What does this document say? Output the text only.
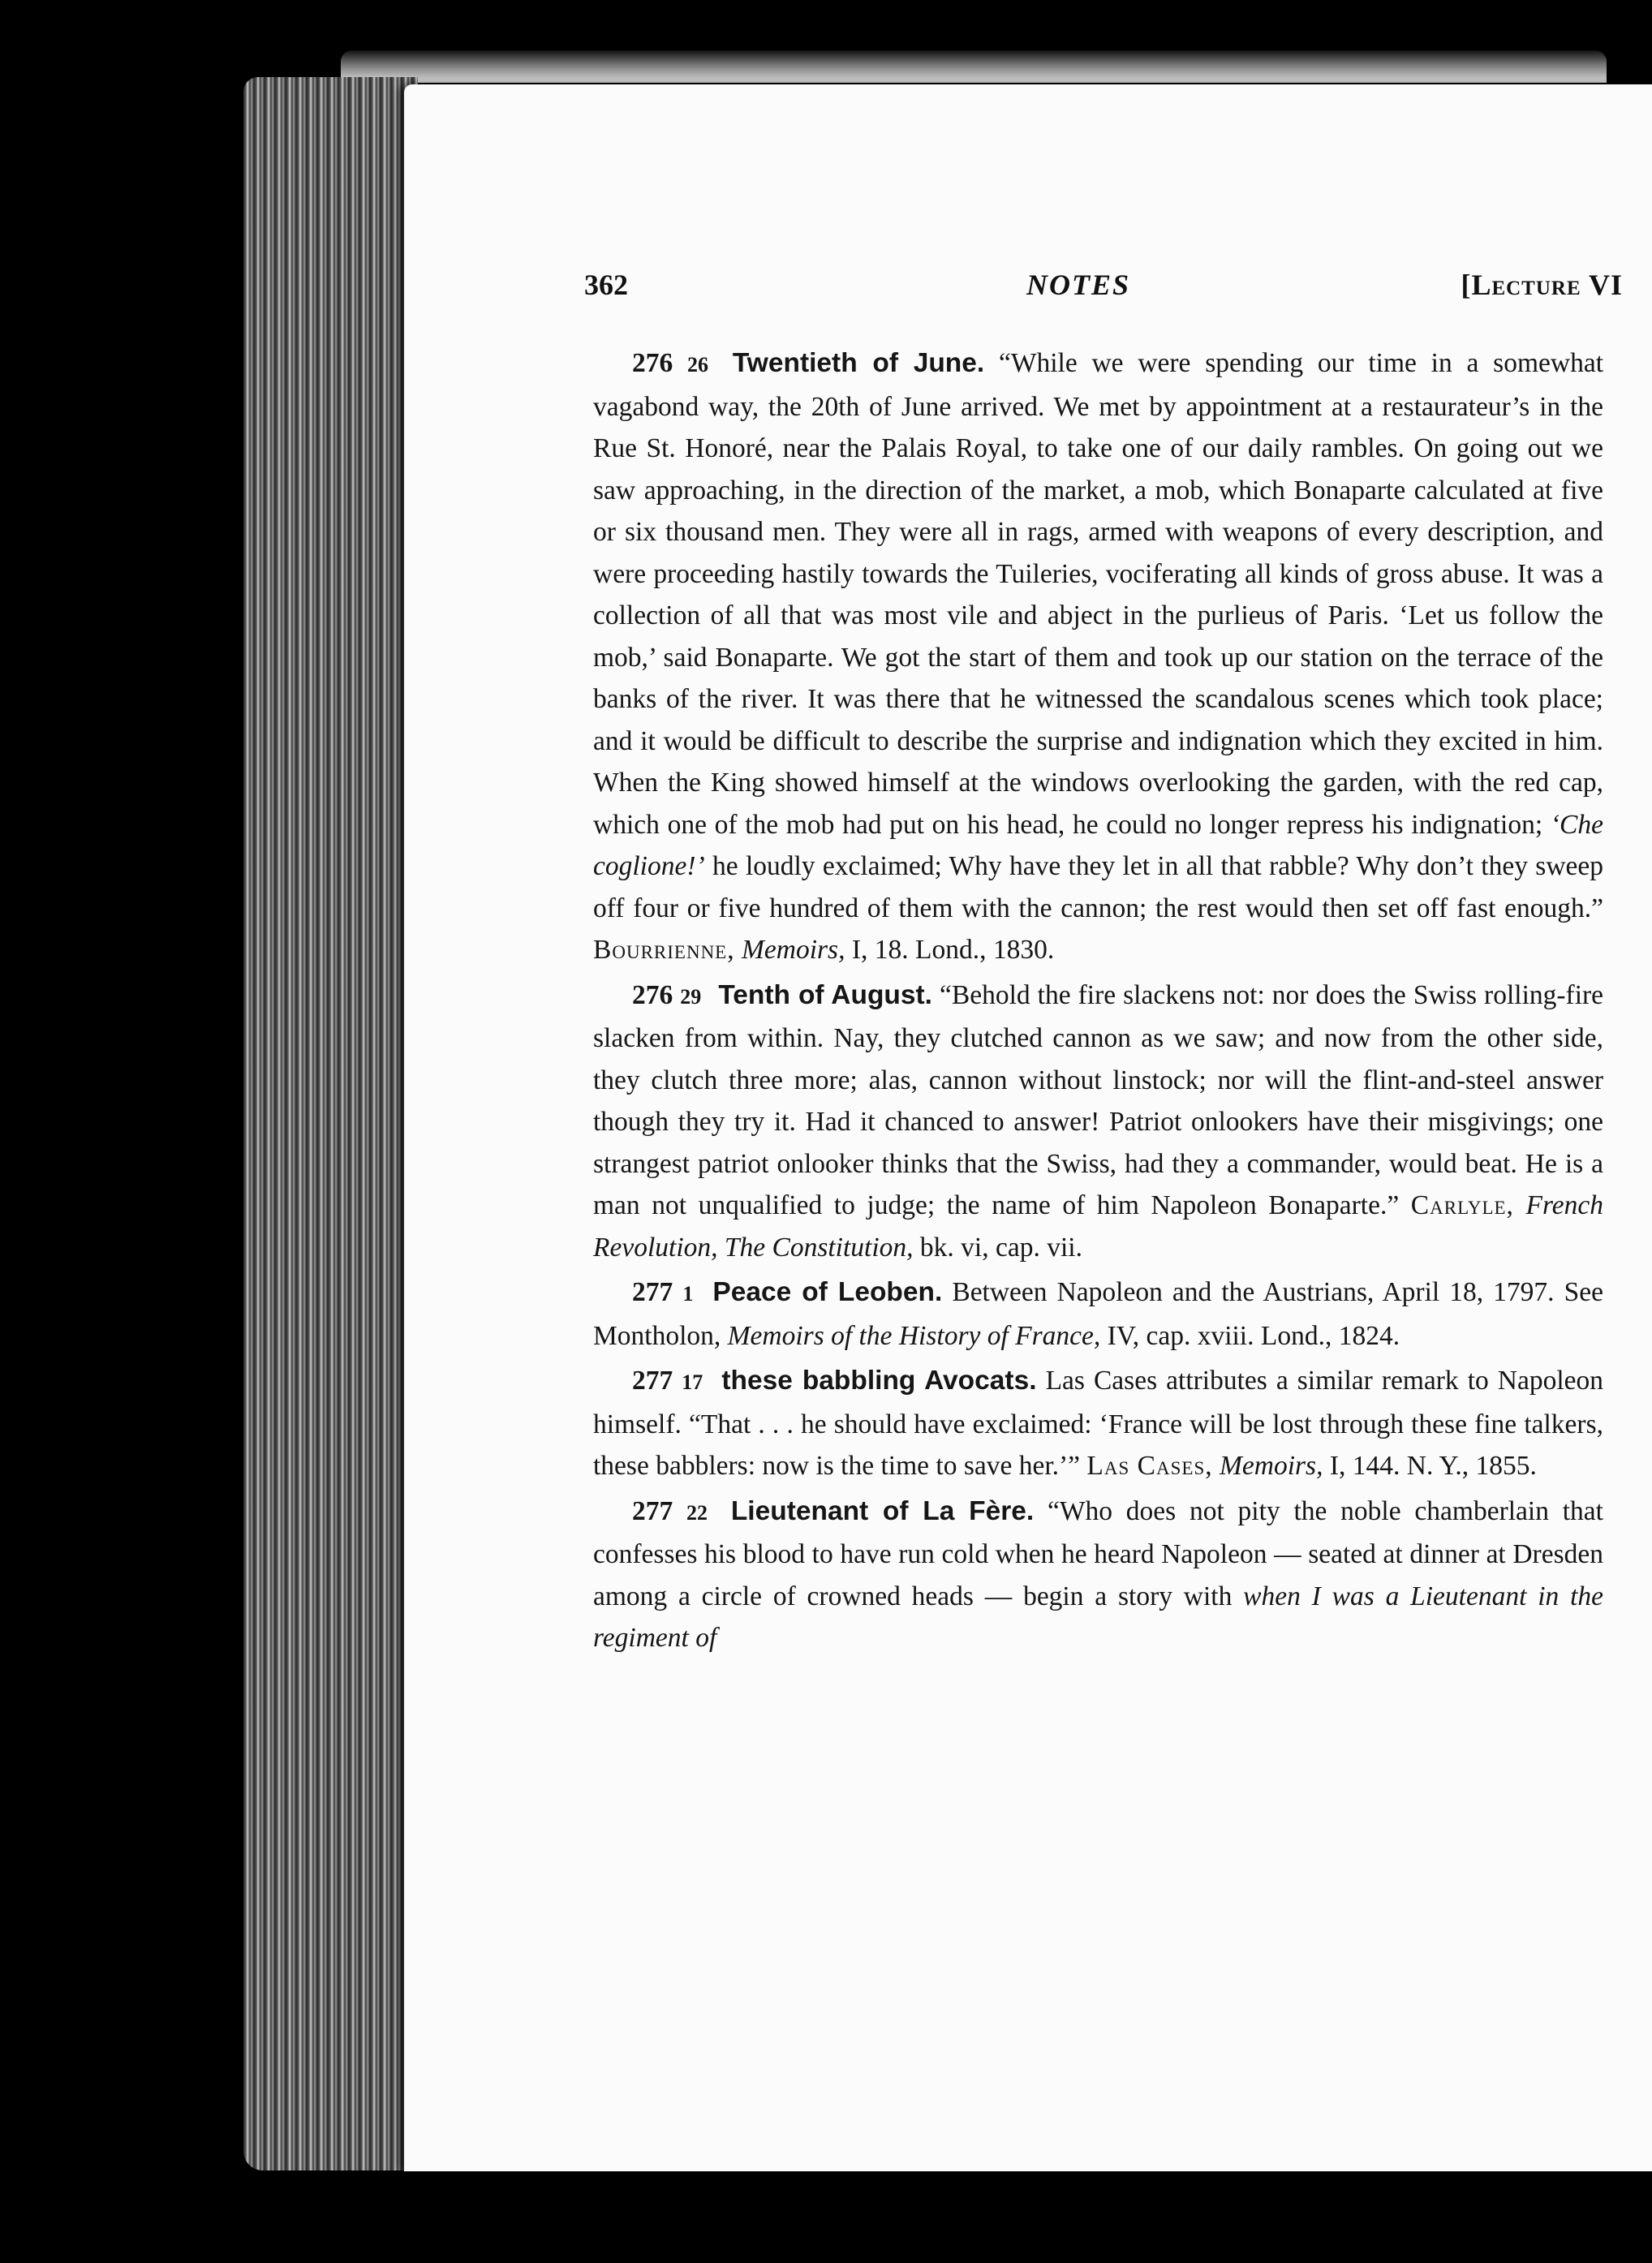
362	NOTES	[Lecture VI

276 26 Twentieth of June. “While we were spending our time in a somewhat vagabond way, the 20th of June arrived. We met by appointment at a restaurateur’s in the Rue St. Honoré, near the Palais Royal, to take one of our daily rambles. On going out we saw approaching, in the direction of the market, a mob, which Bonaparte calculated at five or six thousand men. They were all in rags, armed with weapons of every description, and were proceeding hastily towards the Tuileries, vociferating all kinds of gross abuse. It was a collection of all that was most vile and abject in the purlieus of Paris. ‘Let us follow the mob,’ said Bonaparte. We got the start of them and took up our station on the terrace of the banks of the river. It was there that he witnessed the scandalous scenes which took place; and it would be difficult to describe the surprise and indignation which they excited in him. When the King showed himself at the windows overlooking the garden, with the red cap, which one of the mob had put on his head, he could no longer repress his indignation; ‘Che coglione!’ he loudly exclaimed; Why have they let in all that rabble? Why don’t they sweep off four or five hundred of them with the cannon; the rest would then set off fast enough.” Bourrienne, Memoirs, I, 18. Lond., 1830.

276 29 Tenth of August. “Behold the fire slackens not: nor does the Swiss rolling-fire slacken from within. Nay, they clutched cannon as we saw; and now from the other side, they clutch three more; alas, cannon without linstock; nor will the flint-and-steel answer though they try it. Had it chanced to answer! Patriot onlookers have their misgivings; one strangest patriot onlooker thinks that the Swiss, had they a commander, would beat. He is a man not unqualified to judge; the name of him Napoleon Bonaparte.” Carlyle, French Revolution, The Constitution, bk. vi, cap. vii.

277 1 Peace of Leoben. Between Napoleon and the Austrians, April 18, 1797. See Montholon, Memoirs of the History of France, IV, cap. xviii. Lond., 1824.

277 17 these babbling Avocats. Las Cases attributes a similar remark to Napoleon himself. “That . . . he should have exclaimed: ‘France will be lost through these fine talkers, these babblers: now is the time to save her.’” Las Cases, Memoirs, I, 144. N. Y., 1855.

277 22 Lieutenant of La Fère. “Who does not pity the noble chamberlain that confesses his blood to have run cold when he heard Napoleon — seated at dinner at Dresden among a circle of crowned heads — begin a story with when I was a Lieutenant in the regiment of
